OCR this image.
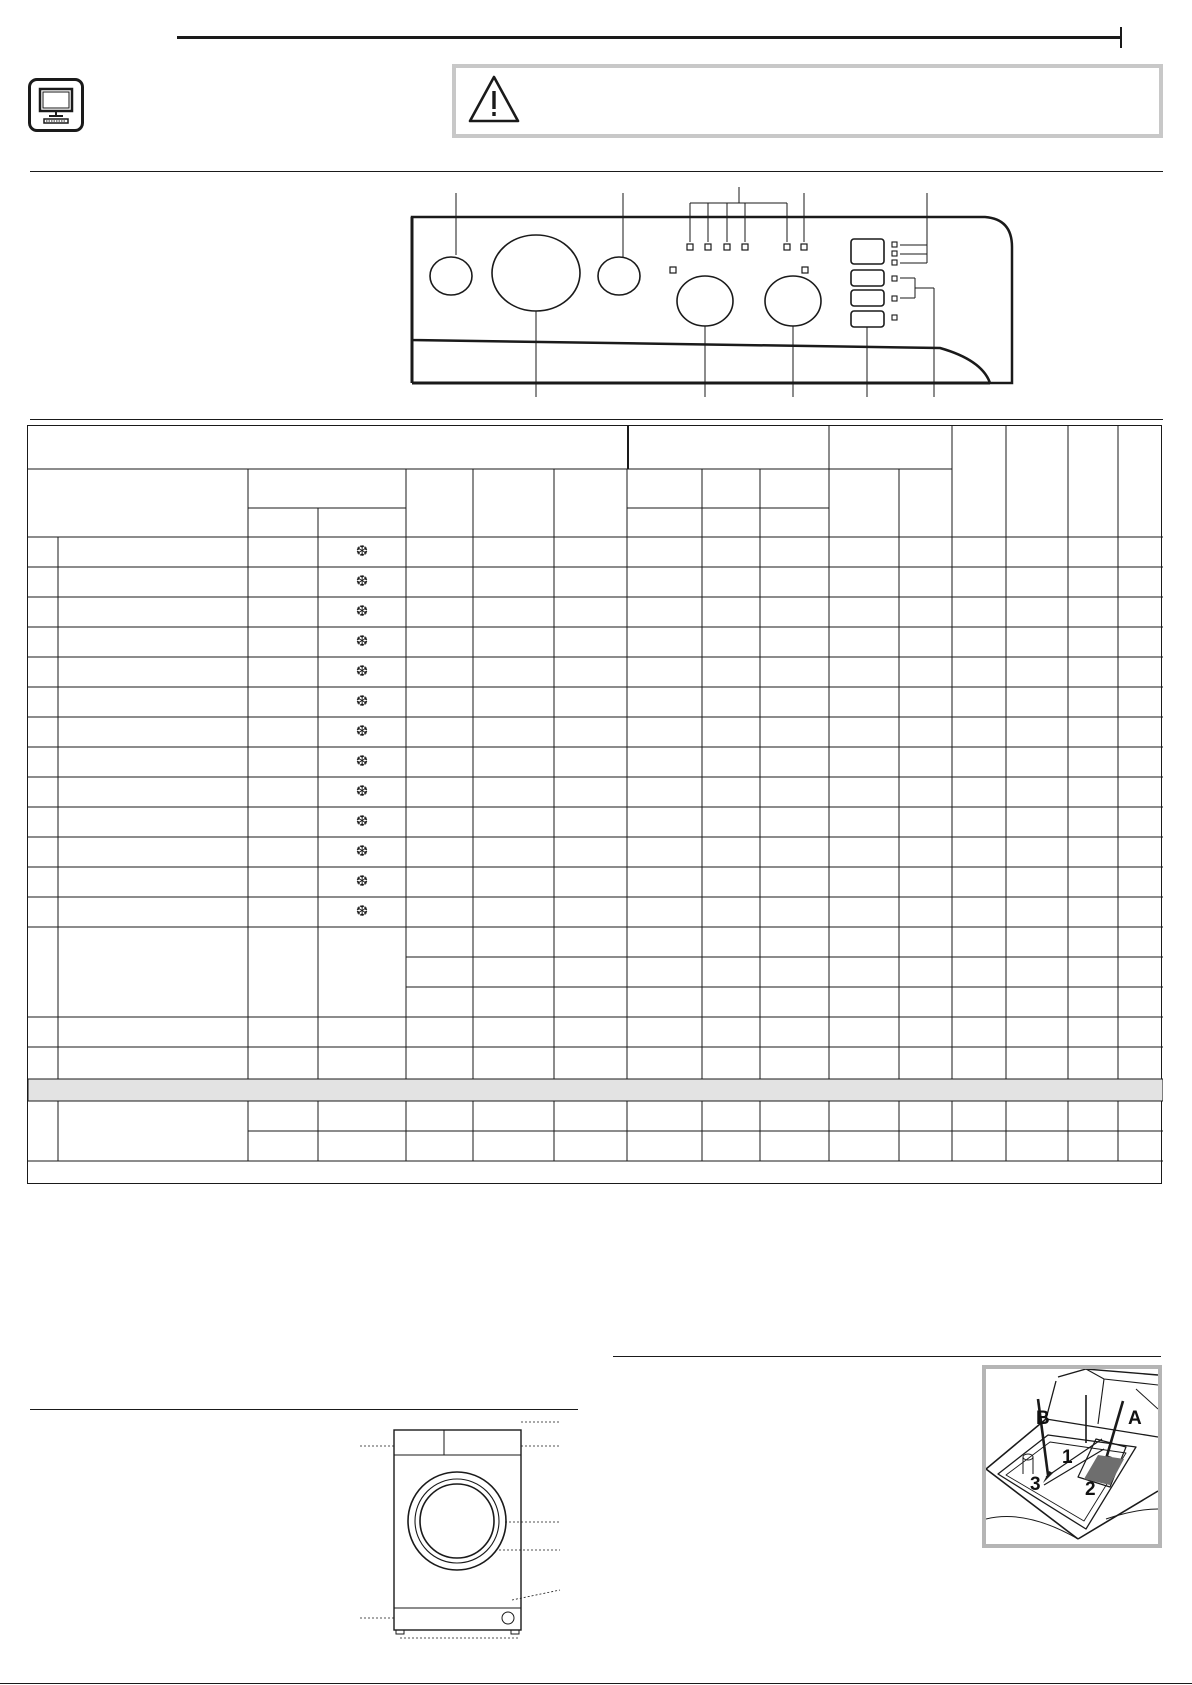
❆
❆
❆
❆
❆
❆
❆
❆
❆
❆
❆
❆
❆
B	A
1
3 2
